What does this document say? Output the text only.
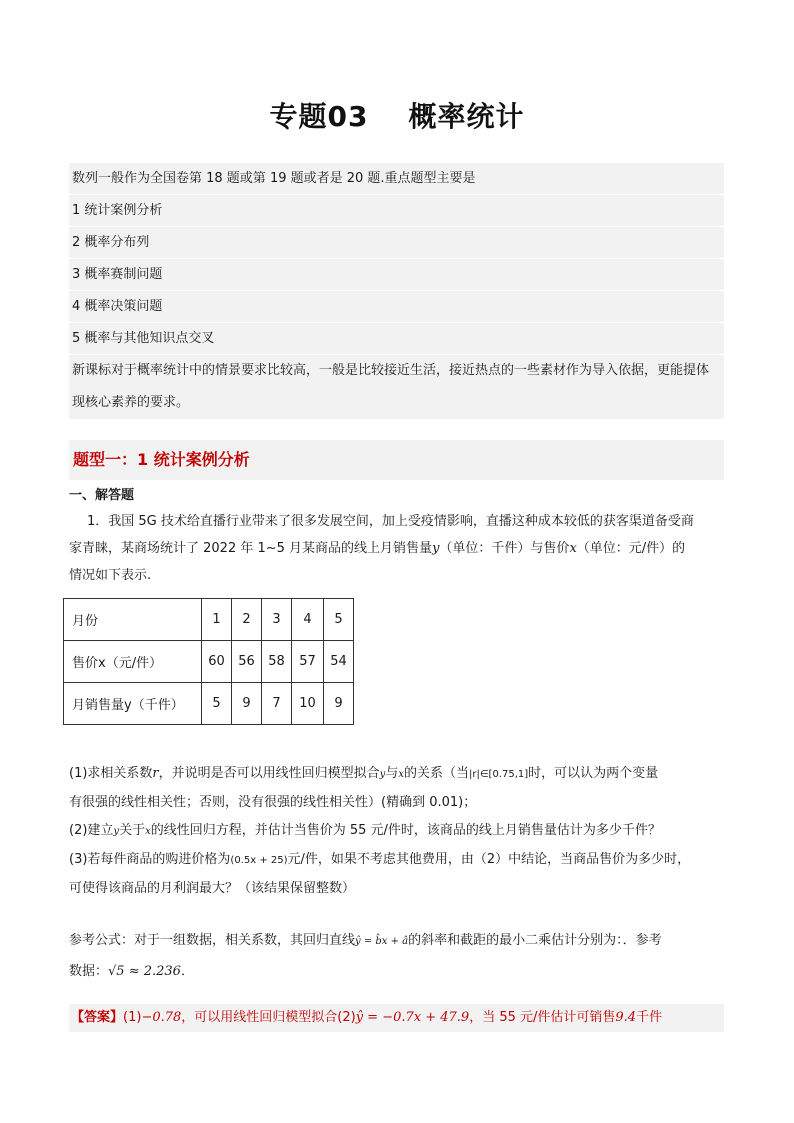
专题03 概率统计
数列一般作为全国卷第 18 题或第 19 题或者是 20 题.重点题型主要是
1 统计案例分析
2 概率分布列
3 概率赛制问题
4 概率决策问题
5 概率与其他知识点交叉
新课标对于概率统计中的情景要求比较高，一般是比较接近生活，接近热点的一些素材作为导入依据，更能提体现核心素养的要求。
题型一：1 统计案例分析
一、解答题
1．我国 5G 技术给直播行业带来了很多发展空间，加上受疫情影响，直播这种成本较低的获客渠道备受商
家青睐，某商场统计了 2022 年 1~5 月某商品的线上月销售量y（单位：千件）与售价x（单位：元/件）的
情况如下表示.
月份	1	2	3	4	5
售价x（元/件）	60	56	58	57	54
月销售量y（千件）	5	9	7	10	9
(1)求相关系数r，并说明是否可以用线性回归模型拟合y与x的关系（当|r|∈[0.75,1]时，可以认为两个变量
有很强的线性相关性；否则，没有很强的线性相关性）(精确到 0.01)；
(2)建立y关于x的线性回归方程，并估计当售价为 55 元/件时，该商品的线上月销售量估计为多少千件？
(3)若每件商品的购进价格为(0.5x + 25)元/件，如果不考虑其他费用，由（2）中结论，当商品售价为多少时，
可使得该商品的月利润最大？（该结果保留整数）
参考公式：对于一组数据，相关系数，其回归直线ŷ = b̂x + â的斜率和截距的最小二乘估计分别为：．参考
数据：√5 ≈ 2.236．
【答案】(1)−0.78，可以用线性回归模型拟合(2)ŷ = −0.7x + 47.9，当 55 元/件估计可销售9.4千件
